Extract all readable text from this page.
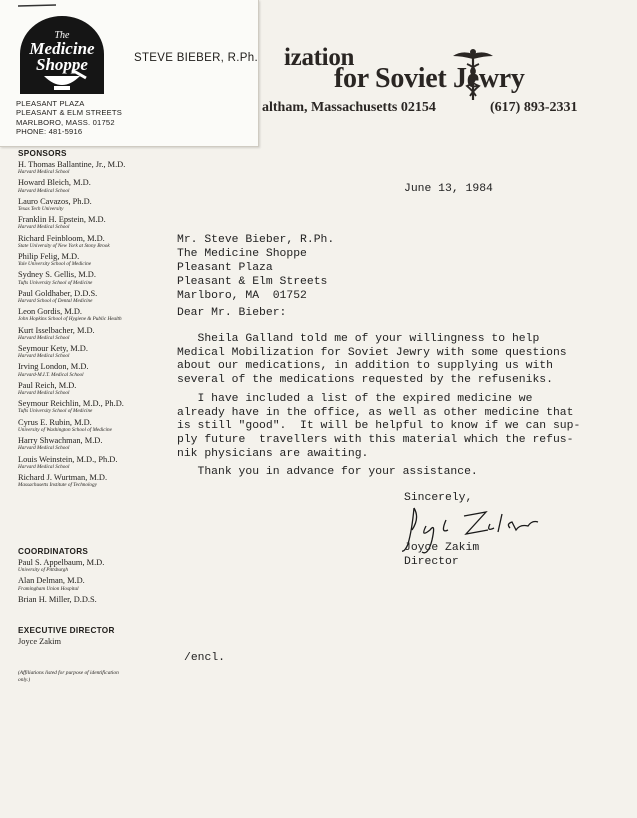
ization
for Soviet Jewry
altham, Massachusetts 02154	(617) 893-2331
The
Medicine
Shoppe	STEVE BIEBER, R.Ph.
PLEASANT PLAZA
PLEASANT & ELM STREETS
MARLBORO, MASS. 01752
PHONE: 481-5916
SPONSORS
H. Thomas Ballantine, Jr., M.D.
Harvard Medical School
Howard Bleich, M.D.
Harvard Medical School
Lauro Cavazos, Ph.D.
Texas Tech University
Franklin H. Epstein, M.D.
Harvard Medical School
Richard Feinbloom, M.D.
State University of New York at Stony Brook
Philip Felig, M.D.
Yale University School of Medicine
Sydney S. Gellis, M.D.
Tufts University School of Medicine
Paul Goldhaber, D.D.S.
Harvard School of Dental Medicine
Leon Gordis, M.D.
John Hopkins School of Hygiene & Public Health
Kurt Isselbacher, M.D.
Harvard Medical School
Seymour Kety, M.D.
Harvard Medical School
Irving London, M.D.
Harvard-M.I.T. Medical School
Paul Reich, M.D.
Harvard Medical School
Seymour Reichlin, M.D., Ph.D.
Tufts University School of Medicine
Cyrus E. Rubin, M.D.
University of Washington School of Medicine
Harry Shwachman, M.D.
Harvard Medical School
Louis Weinstein, M.D., Ph.D.
Harvard Medical School
Richard J. Wurtman, M.D.
Massachusetts Institute of Technology
COORDINATORS
Paul S. Appelbaum, M.D.
University of Pittsburgh
Alan Delman, M.D.
Framingham Union Hospital
Brian H. Miller, D.D.S.
EXECUTIVE DIRECTOR
Joyce Zakim
(Affiliations listed for purpose of identification only.)
June 13, 1984
Mr. Steve Bieber, R.Ph.
The Medicine Shoppe
Pleasant Plaza
Pleasant & Elm Streets
Marlboro, MA  01752
Dear Mr. Bieber:
Sheila Galland told me of your willingness to help
Medical Mobilization for Soviet Jewry with some questions
about our medications, in addition to supplying us with
several of the medications requested by the refuseniks.
I have included a list of the expired medicine we
already have in the office, as well as other medicine that
is still "good".  It will be helpful to know if we can sup-
ply future  travellers with this material which the refus-
nik physicians are awaiting.
Thank you in advance for your assistance.
Sincerely,
Joyce Zakim
Director
/encl.
